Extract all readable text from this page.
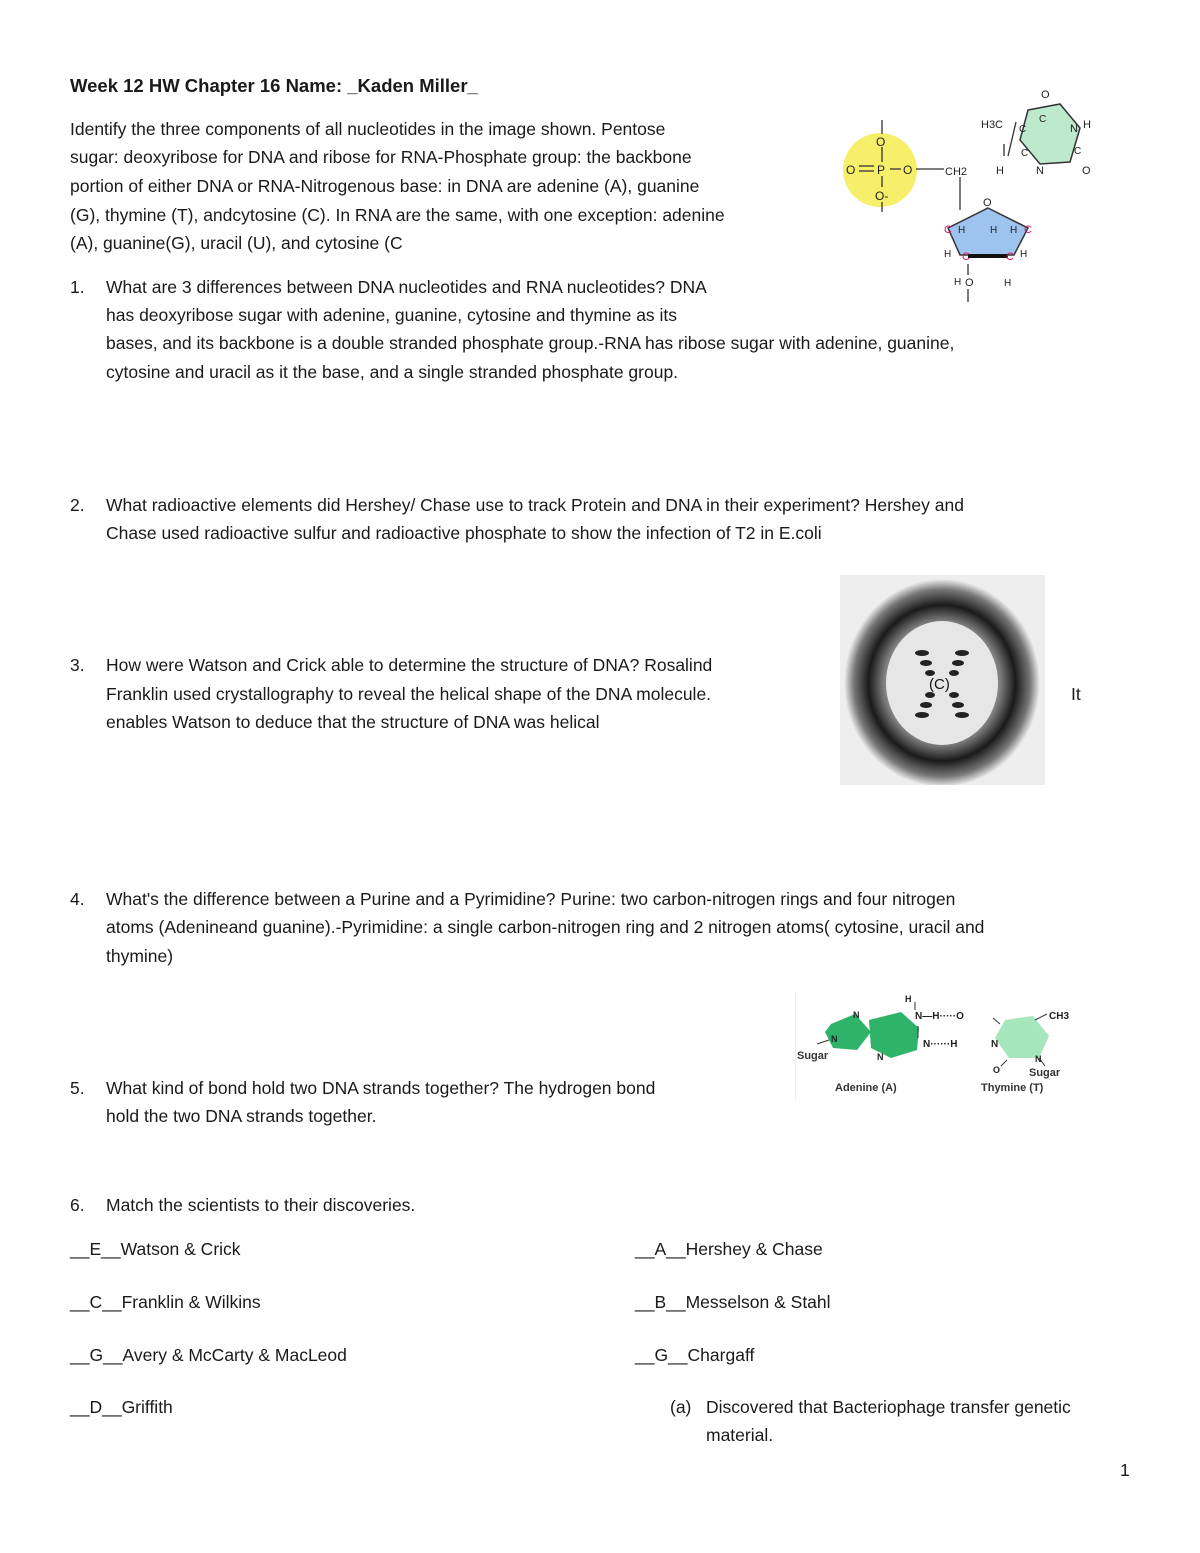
Week 12 HW Chapter 16 Name: _Kaden Miller_
Identify the three components of all nucleotides in the image shown. Pentose
sugar: deoxyribose for DNA and ribose for RNA-Phosphate group: the backbone
portion of either DNA or RNA-Nitrogenous base: in DNA are adenine (A), guanine
(G), thymine (T), andcytosine (C). In RNA are the same, with one exception: adenine
(A), guanine(G), uracil (U), and cytosine (C
1.	What are 3 differences between DNA nucleotides and RNA nucleotides? DNA
has deoxyribose sugar with adenine, guanine, cytosine and thymine as its
bases, and its backbone is a double stranded phosphate group.-RNA has ribose sugar with adenine, guanine,
cytosine and uracil as it the base, and a single stranded phosphate group.
2.	What radioactive elements did Hershey/ Chase use to track Protein and DNA in their experiment? Hershey and
Chase used radioactive sulfur and radioactive phosphate to show the infection of T2 in E.coli
3.	How were Watson and Crick able to determine the structure of DNA? Rosalind
Franklin used crystallography to reveal the helical shape of the DNA molecule.
enables Watson to deduce that the structure of DNA was helical
It
4.	What's the difference between a Purine and a Pyrimidine? Purine: two carbon-nitrogen rings and four nitrogen
atoms (Adenineand guanine).-Pyrimidine: a single carbon-nitrogen ring and 2 nitrogen atoms( cytosine, uracil and
thymine)
5.	What kind of bond hold two DNA strands together? The hydrogen bond
hold the two DNA strands together.
6.	Match the scientists to their discoveries.
__E__Watson & Crick
__C__Franklin & Wilkins
__G__Avery & McCarty & MacLeod
__D__Griffith
__A__Hershey & Chase
__B__Messelson & Stahl
__G__Chargaff
(a) Discovered that Bacteriophage transfer genetic
material.
1
O
O P O
O-
CH2
O
C	C
C	C
H	H
H	H
O	H
O
H3C	H
N
N	O
H
C
C
C
C
H
H
(C)
H
N—H·····O	CH3
N······H	N
N
N
N	N
O
Sugar
Sugar
Adenine (A)	Thymine (T)
